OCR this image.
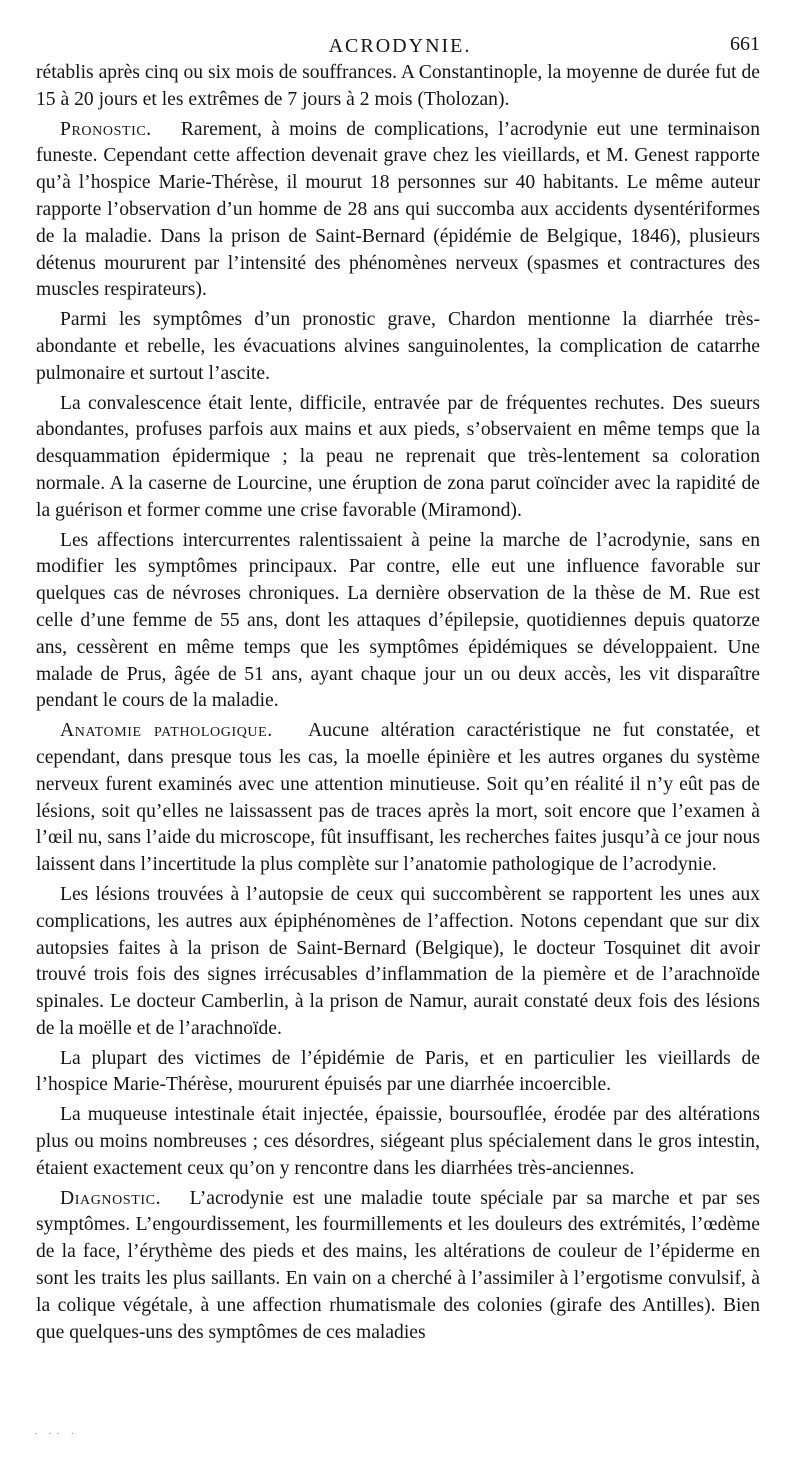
ACRODYNIE.	661

rétablis après cinq ou six mois de souffrances. A Constantinople, la moyenne de durée fut de 15 à 20 jours et les extrêmes de 7 jours à 2 mois (Tholozan).

Pronostic.   Rarement, à moins de complications, l’acrodynie eut une terminaison funeste. Cependant cette affection devenait grave chez les vieillards, et M. Genest rapporte qu’à l’hospice Marie-Thérèse, il mourut 18 personnes sur 40 habitants. Le même auteur rapporte l’observation d’un homme de 28 ans qui succomba aux accidents dysentériformes de la maladie. Dans la prison de Saint-Bernard (épidémie de Belgique, 1846), plusieurs détenus moururent par l’intensité des phénomènes nerveux (spasmes et contractures des muscles respirateurs).

Parmi les symptômes d’un pronostic grave, Chardon mentionne la diarrhée très-abondante et rebelle, les évacuations alvines sanguinolentes, la complication de catarrhe pulmonaire et surtout l’ascite.

La convalescence était lente, difficile, entravée par de fréquentes rechutes. Des sueurs abondantes, profuses parfois aux mains et aux pieds, s’observaient en même temps que la desquammation épidermique ; la peau ne reprenait que très-lentement sa coloration normale. A la caserne de Lourcine, une éruption de zona parut coïncider avec la rapidité de la guérison et former comme une crise favorable (Miramond).

Les affections intercurrentes ralentissaient à peine la marche de l’acrodynie, sans en modifier les symptômes principaux. Par contre, elle eut une influence favorable sur quelques cas de névroses chroniques. La dernière observation de la thèse de M. Rue est celle d’une femme de 55 ans, dont les attaques d’épilepsie, quotidiennes depuis quatorze ans, cessèrent en même temps que les symptômes épidémiques se développaient. Une malade de Prus, âgée de 51 ans, ayant chaque jour un ou deux accès, les vit disparaître pendant le cours de la maladie.

Anatomie pathologique.   Aucune altération caractéristique ne fut constatée, et cependant, dans presque tous les cas, la moelle épinière et les autres organes du système nerveux furent examinés avec une attention minutieuse. Soit qu’en réalité il n’y eût pas de lésions, soit qu’elles ne laissassent pas de traces après la mort, soit encore que l’examen à l’œil nu, sans l’aide du microscope, fût insuffisant, les recherches faites jusqu’à ce jour nous laissent dans l’incertitude la plus complète sur l’anatomie pathologique de l’acrodynie.

Les lésions trouvées à l’autopsie de ceux qui succombèrent se rapportent les unes aux complications, les autres aux épiphénomènes de l’affection. Notons cependant que sur dix autopsies faites à la prison de Saint-Bernard (Belgique), le docteur Tosquinet dit avoir trouvé trois fois des signes irrécusables d’inflammation de la piemère et de l’arachnoïde spinales. Le docteur Camberlin, à la prison de Namur, aurait constaté deux fois des lésions de la moëlle et de l’arachnoïde.

La plupart des victimes de l’épidémie de Paris, et en particulier les vieillards de l’hospice Marie-Thérèse, moururent épuisés par une diarrhée incoercible.

La muqueuse intestinale était injectée, épaissie, boursouflée, érodée par des altérations plus ou moins nombreuses ; ces désordres, siégeant plus spécialement dans le gros intestin, étaient exactement ceux qu’on y rencontre dans les diarrhées très-anciennes.

Diagnostic.   L’acrodynie est une maladie toute spéciale par sa marche et par ses symptômes. L’engourdissement, les fourmillements et les douleurs des extrémités, l’œdème de la face, l’érythème des pieds et des mains, les altérations de couleur de l’épiderme en sont les traits les plus saillants. En vain on a cherché à l’assimiler à l’ergotisme convulsif, à la colique végétale, à une affection rhumatismale des colonies (girafe des Antilles). Bien que quelques-uns des symptômes de ces maladies

· ·· ·
